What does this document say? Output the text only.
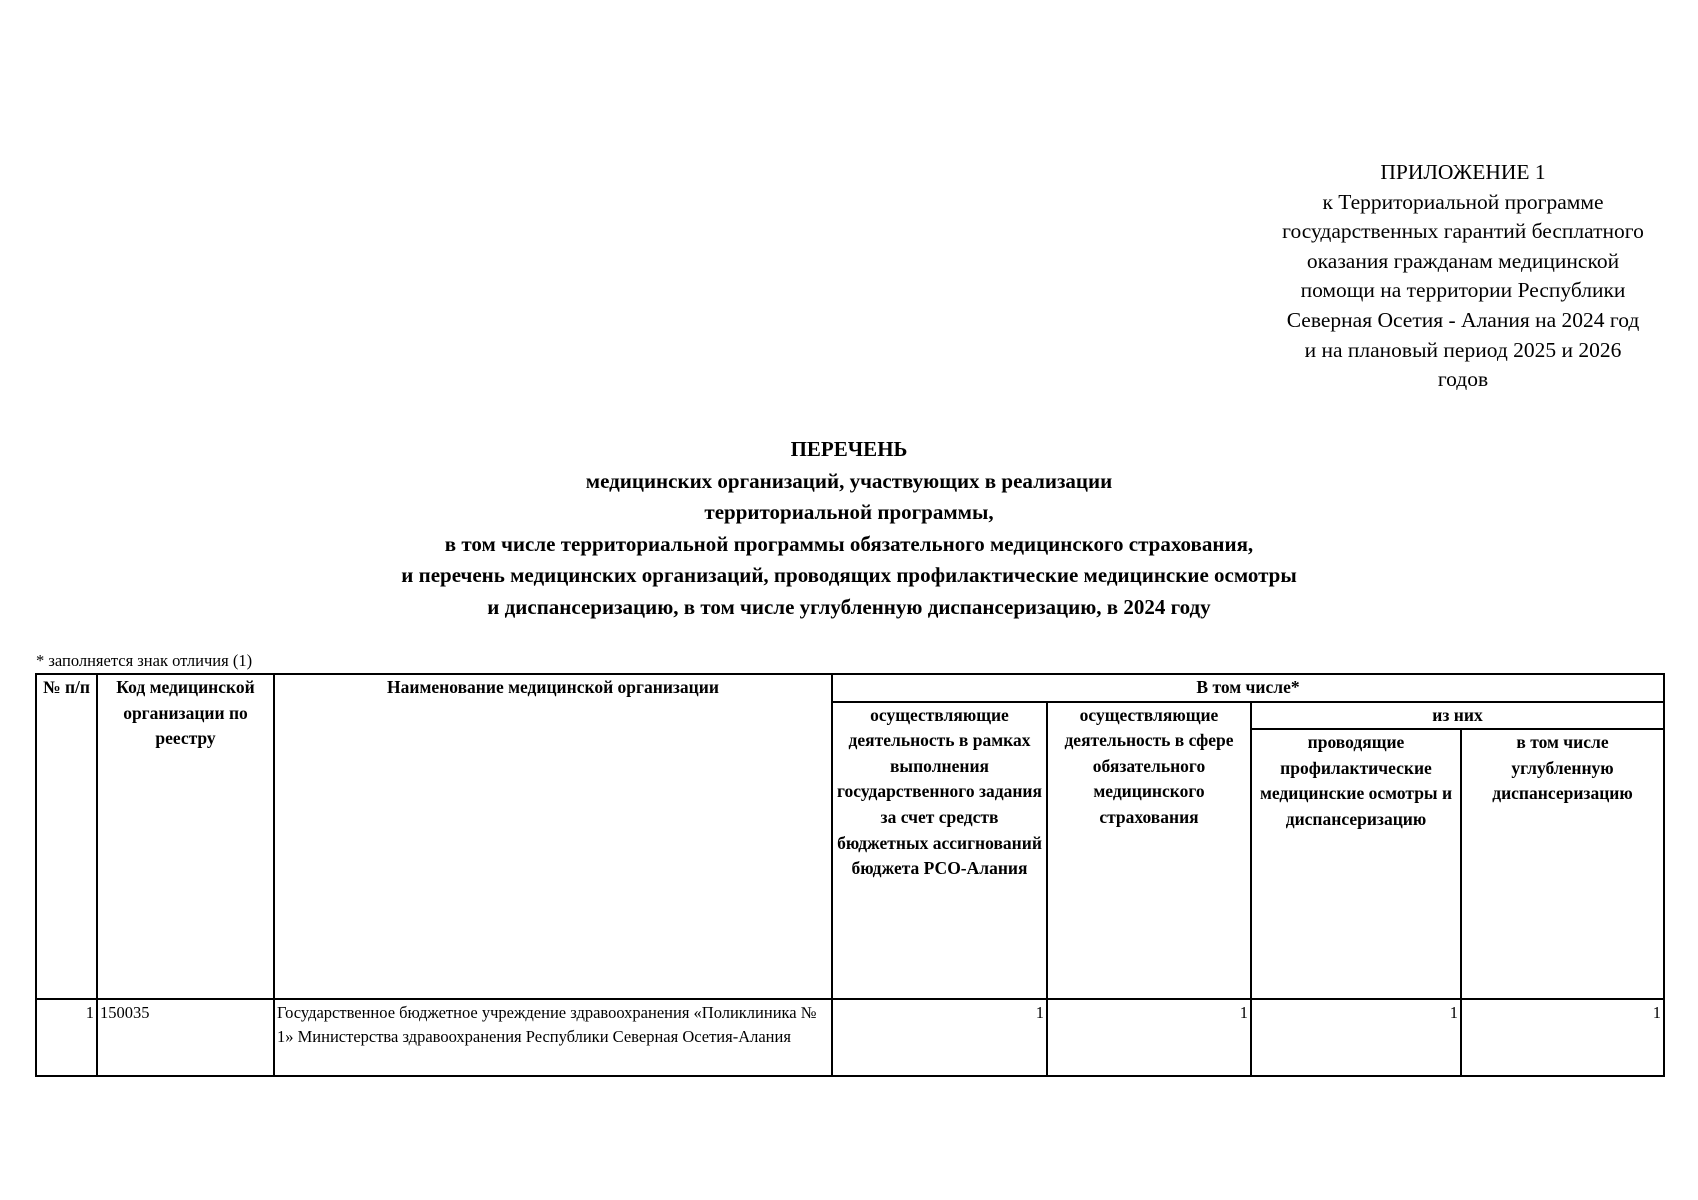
ПРИЛОЖЕНИЕ 1
к Территориальной программе
государственных гарантий бесплатного
оказания гражданам медицинской
помощи на территории Республики
Северная Осетия - Алания на 2024 год
и на плановый период 2025 и 2026
годов
ПЕРЕЧЕНЬ
медицинских организаций, участвующих в реализации
территориальной программы,
в том числе территориальной программы обязательного медицинского страхования,
и перечень медицинских организаций, проводящих профилактические медицинские осмотры
и диспансеризацию, в том числе углубленную диспансеризацию, в 2024 году
* заполняется знак отличия (1)
№ п/п	Код медицинской организации по реестру	Наименование медицинской организации	В том числе*			
			осуществляющие деятельность в рамках выполнения государственного задания за счет средств бюджетных ассигнований бюджета РСО-Алания	осуществляющие деятельность в сфере обязательного медицинского страхования	из них	
					проводящие профилактические медицинские осмотры и диспансеризацию	в том числе углубленную диспансеризацию
1	150035	Государственное бюджетное учреждение здравоохранения «Поликлиника № 1» Министерства здравоохранения Республики Северная Осетия-Алания	1	1	1	1
